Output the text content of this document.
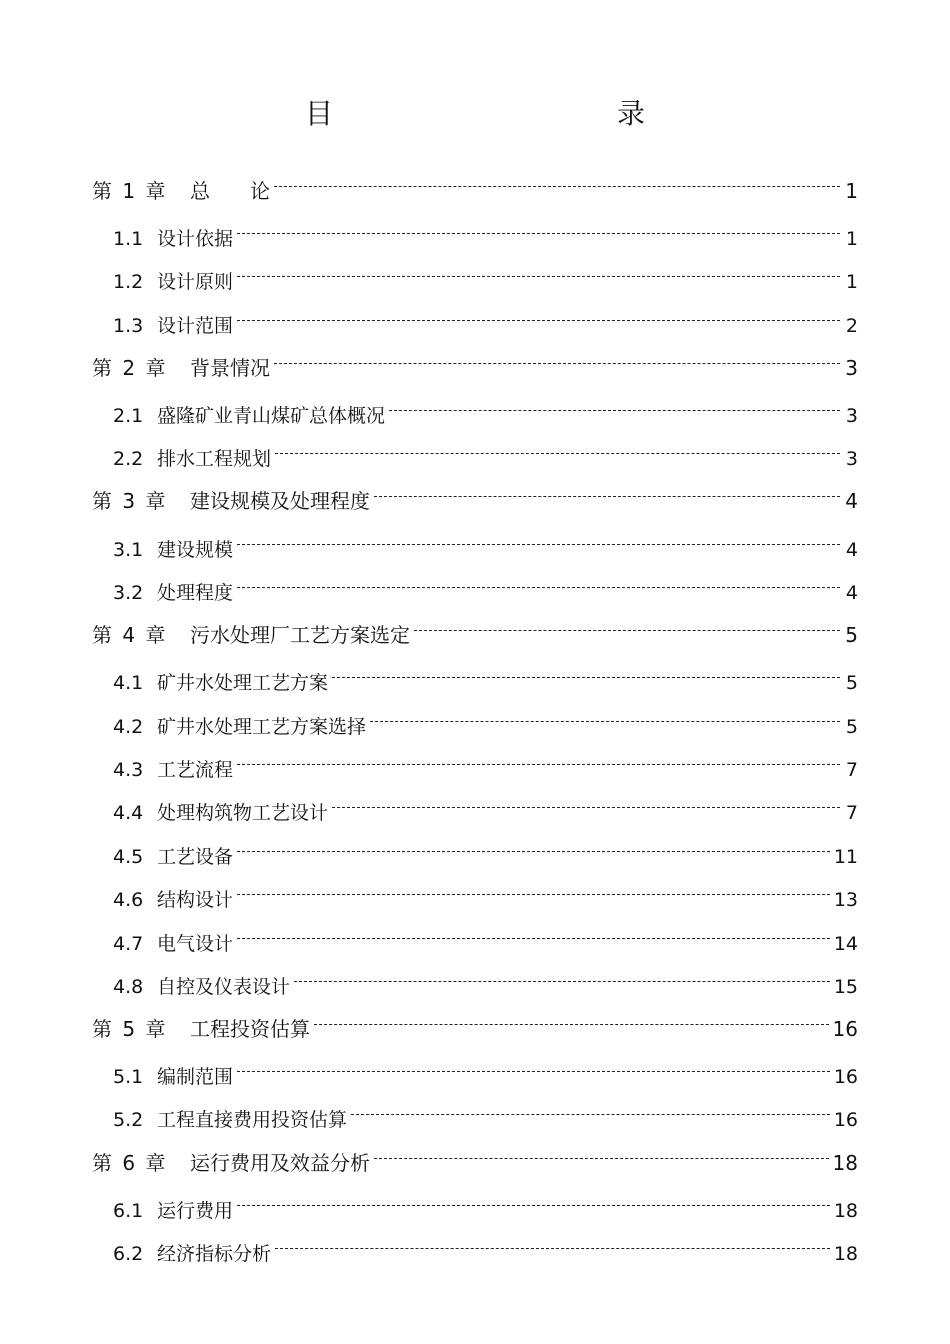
目　　录
第 1 章	总　　论	1
1.1 设计依据	1
1.2 设计原则	1
1.3 设计范围	2
第 2 章	背景情况	3
2.1 盛隆矿业青山煤矿总体概况	3
2.2 排水工程规划	3
第 3 章	建设规模及处理程度	4
3.1 建设规模	4
3.2 处理程度	4
第 4 章	污水处理厂工艺方案选定	5
4.1 矿井水处理工艺方案	5
4.2 矿井水处理工艺方案选择	5
4.3 工艺流程	7
4.4 处理构筑物工艺设计	7
4.5 工艺设备	11
4.6 结构设计	13
4.7 电气设计	14
4.8 自控及仪表设计	15
第 5 章	工程投资估算	16
5.1 编制范围	16
5.2 工程直接费用投资估算	16
第 6 章	运行费用及效益分析	18
6.1 运行费用	18
6.2 经济指标分析	18
